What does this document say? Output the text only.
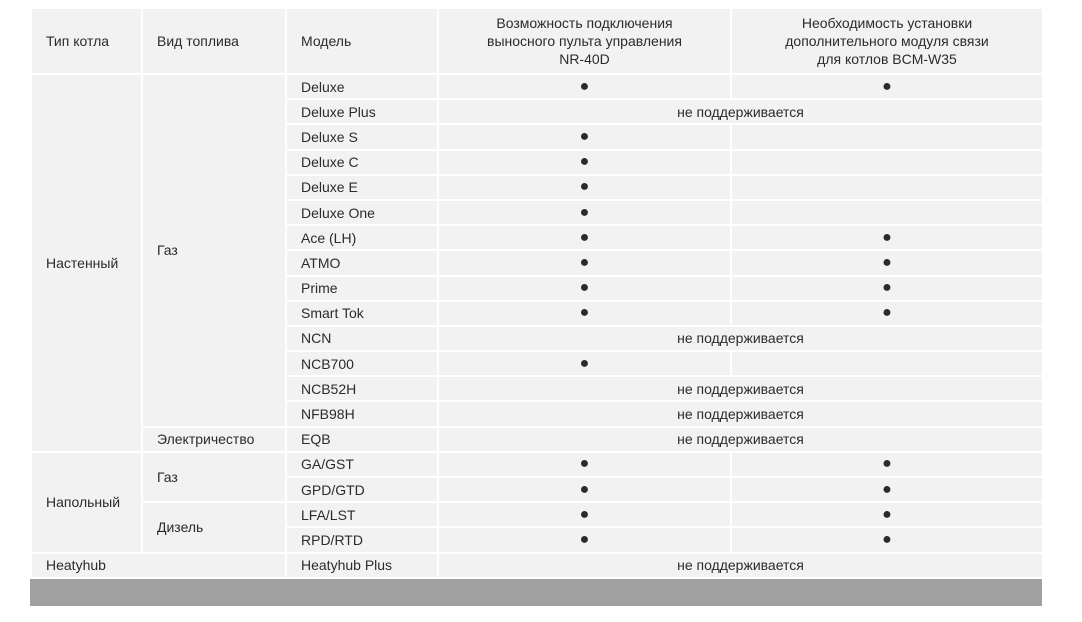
Тип котла	Вид топлива	Модель	Возможность подключения
выносного пульта управления
NR-40D	Необходимость установки
дополнительного модуля связи
для котлов BCM-W35

Настенный	Газ	Deluxe	●	●
		Deluxe Plus	не поддерживается	
		Deluxe S	●	
		Deluxe C	●	
		Deluxe E	●	
		Deluxe One	●	
		Ace (LH)	●	●
		ATMO	●	●
		Prime	●	●
		Smart Tok	●	●
		NCN	не поддерживается	
		NCB700	●	
		NCB52H	не поддерживается	
		NFB98H	не поддерживается	
	Электричество	EQB	не поддерживается	
Напольный	Газ	GA/GST	●	●
		GPD/GTD	●	●
	Дизель	LFA/LST	●	●
		RPD/RTD	●	●
Heatyhub		Heatyhub Plus	не поддерживается	
